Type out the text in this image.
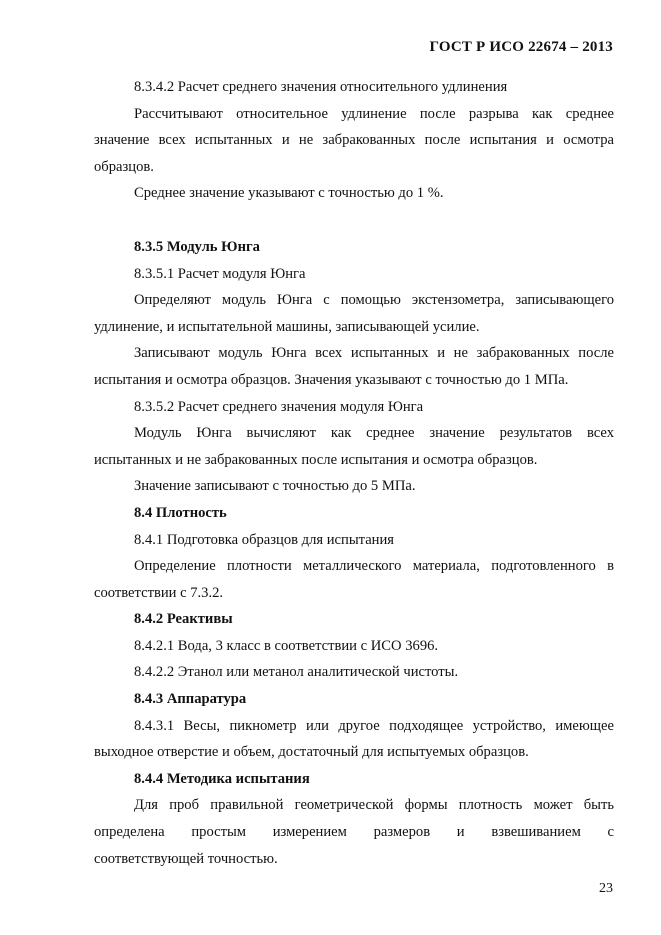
ГОСТ Р ИСО 22674 – 2013

8.3.4.2 Расчет среднего значения относительного удлинения

Рассчитывают относительное удлинение после разрыва как среднее значение всех испытанных и не забракованных после испытания и осмотра образцов.

Среднее значение указывают с точностью до 1 %.

8.3.5 Модуль Юнга

8.3.5.1 Расчет модуля Юнга

Определяют модуль Юнга с помощью экстензометра, записывающего удлинение, и испытательной машины, записывающей усилие.

Записывают модуль Юнга всех испытанных и не забракованных после испытания и осмотра образцов. Значения указывают с точностью до 1 МПа.

8.3.5.2 Расчет среднего значения модуля Юнга

Модуль Юнга вычисляют как среднее значение результатов всех испытанных и не забракованных после испытания и осмотра образцов.

Значение записывают с точностью до 5 МПа.

8.4 Плотность

8.4.1 Подготовка образцов для испытания

Определение плотности металлического материала, подготовленного в соответствии с 7.3.2.

8.4.2 Реактивы

8.4.2.1 Вода, 3 класс в соответствии с ИСО 3696.

8.4.2.2 Этанол или метанол аналитической чистоты.

8.4.3 Аппаратура

8.4.3.1 Весы, пикнометр или другое подходящее устройство, имеющее выходное отверстие и объем, достаточный для испытуемых образцов.

8.4.4 Методика испытания

Для проб правильной геометрической формы плотность может быть определена простым измерением размеров и взвешиванием с

соответствующей точностью.

23
